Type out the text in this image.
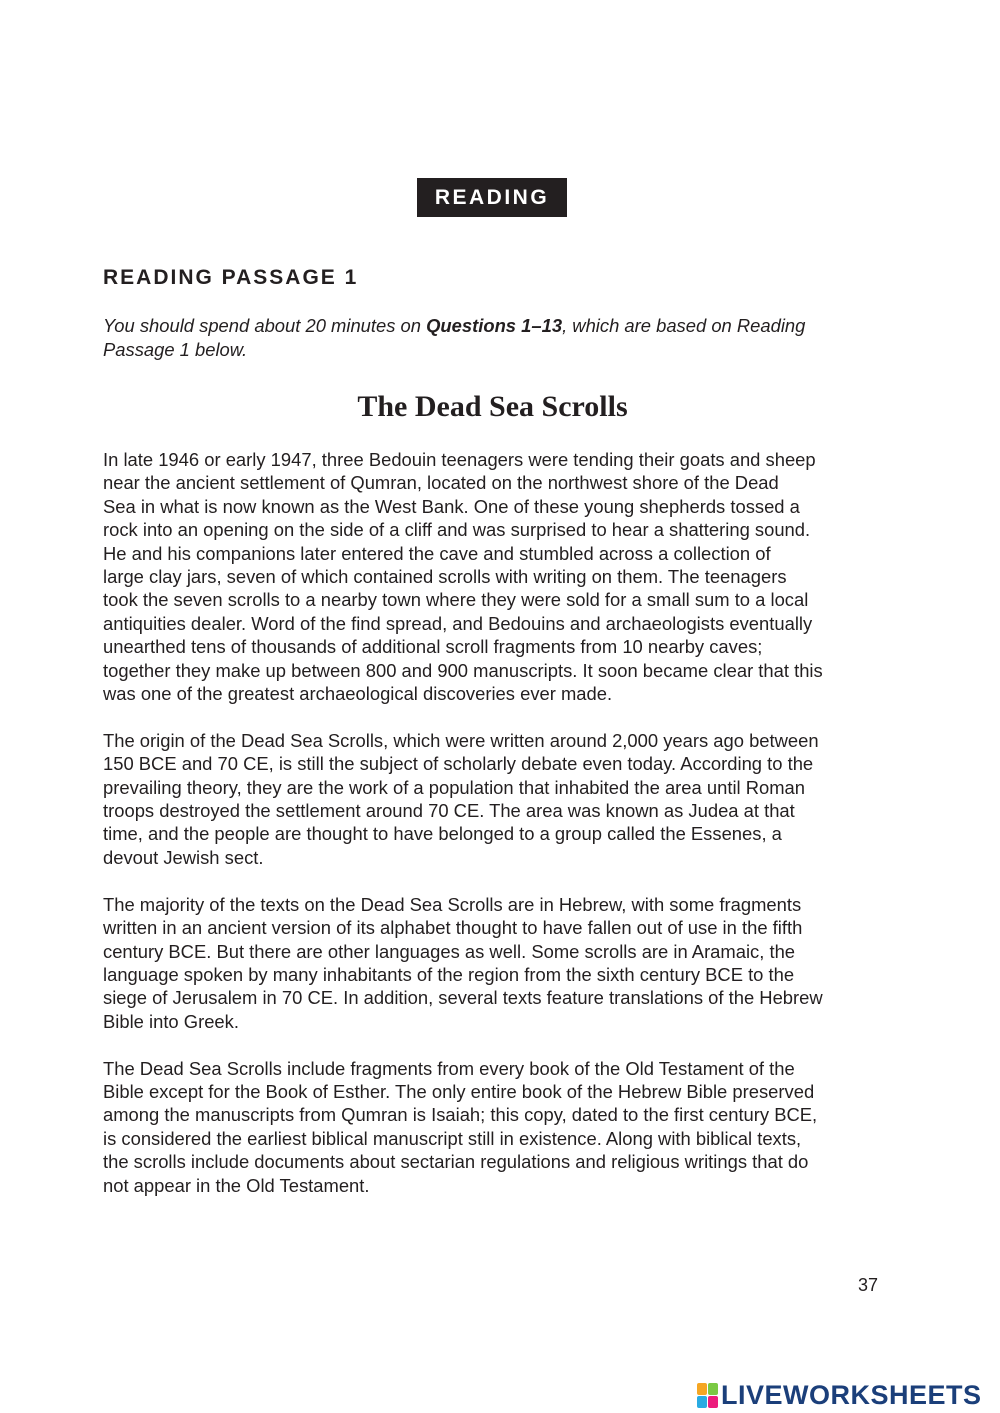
READING
READING PASSAGE 1

You should spend about 20 minutes on Questions 1–13, which are based on Reading
Passage 1 below.

The Dead Sea Scrolls

In late 1946 or early 1947, three Bedouin teenagers were tending their goats and sheep
near the ancient settlement of Qumran, located on the northwest shore of the Dead
Sea in what is now known as the West Bank. One of these young shepherds tossed a
rock into an opening on the side of a cliff and was surprised to hear a shattering sound.
He and his companions later entered the cave and stumbled across a collection of
large clay jars, seven of which contained scrolls with writing on them. The teenagers
took the seven scrolls to a nearby town where they were sold for a small sum to a local
antiquities dealer. Word of the find spread, and Bedouins and archaeologists eventually
unearthed tens of thousands of additional scroll fragments from 10 nearby caves;
together they make up between 800 and 900 manuscripts. It soon became clear that this
was one of the greatest archaeological discoveries ever made.

The origin of the Dead Sea Scrolls, which were written around 2,000 years ago between
150 BCE and 70 CE, is still the subject of scholarly debate even today. According to the
prevailing theory, they are the work of a population that inhabited the area until Roman
troops destroyed the settlement around 70 CE. The area was known as Judea at that
time, and the people are thought to have belonged to a group called the Essenes, a
devout Jewish sect.

The majority of the texts on the Dead Sea Scrolls are in Hebrew, with some fragments
written in an ancient version of its alphabet thought to have fallen out of use in the fifth
century BCE. But there are other languages as well. Some scrolls are in Aramaic, the
language spoken by many inhabitants of the region from the sixth century BCE to the
siege of Jerusalem in 70 CE. In addition, several texts feature translations of the Hebrew
Bible into Greek.

The Dead Sea Scrolls include fragments from every book of the Old Testament of the
Bible except for the Book of Esther. The only entire book of the Hebrew Bible preserved
among the manuscripts from Qumran is Isaiah; this copy, dated to the first century BCE,
is considered the earliest biblical manuscript still in existence. Along with biblical texts,
the scrolls include documents about sectarian regulations and religious writings that do
not appear in the Old Testament.

37
LIVEWORKSHEETS
